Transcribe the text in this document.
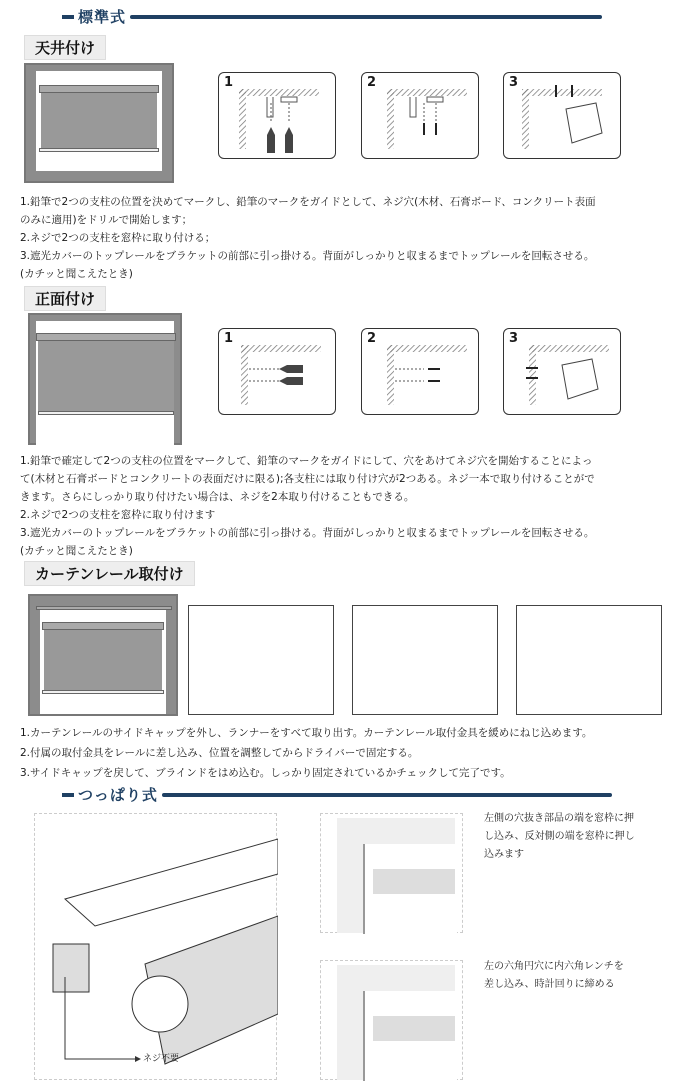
標準式
天井付け
1	2	3
1.鉛筆で2つの支柱の位置を決めてマークし、鉛筆のマークをガイドとして、ネジ穴(木材、石膏ボード、コンクリート表面
のみに適用)をドリルで開始します；
2.ネジで2つの支柱を窓枠に取り付ける；
3.遮光カバーのトップレールをブラケットの前部に引っ掛ける。背面がしっかりと収まるまでトップレールを回転させる。
(カチッと聞こえたとき)
正面付け
1	2	3
1.鉛筆で確定して2つの支柱の位置をマークして、鉛筆のマークをガイドにして、穴をあけてネジ穴を開始することによっ
て(木材と石膏ボードとコンクリートの表面だけに限る);各支柱には取り付け穴が2つある。ネジ一本で取り付けることがで
きます。さらにしっかり取り付けたい場合は、ネジを2本取り付けることもできる。
2.ネジで2つの支柱を窓枠に取り付けます
3.遮光カバーのトップレールをブラケットの前部に引っ掛ける。背面がしっかりと収まるまでトップレールを回転させる。
(カチッと聞こえたとき)
カーテンレール取付け
1.カーテンレールのサイドキャップを外し、ランナーをすべて取り出す。カーテンレール取付金具を緩めにねじ込めます。
2.付属の取付金具をレールに差し込み、位置を調整してからドライバーで固定する。
3.サイドキャップを戻して、ブラインドをはめ込む。しっかり固定されているかチェックして完了です。
つっぱり式
ネジ不要
左側の穴抜き部品の端を窓枠に押
し込み、反対側の端を窓枠に押し
込みます
左の六角円穴に内六角レンチを
差し込み、時計回りに締める
